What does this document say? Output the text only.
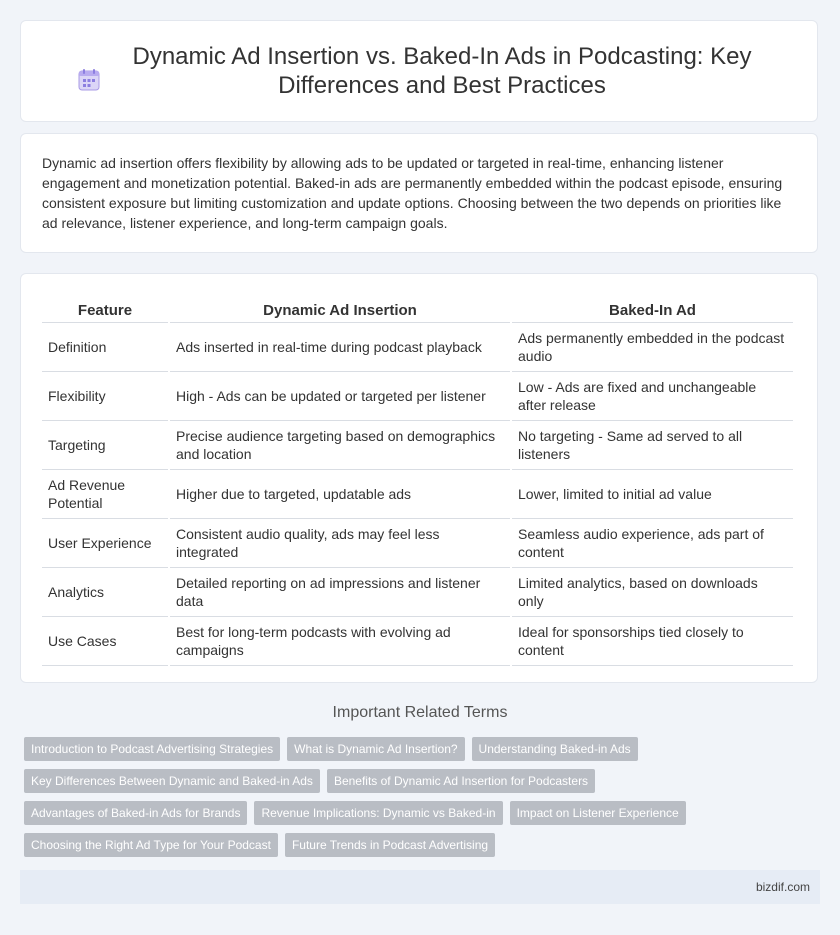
Dynamic Ad Insertion vs. Baked-In Ads in Podcasting: Key Differences and Best Practices

Dynamic ad insertion offers flexibility by allowing ads to be updated or targeted in real-time, enhancing listener engagement and monetization potential. Baked-in ads are permanently embedded within the podcast episode, ensuring consistent exposure but limiting customization and update options. Choosing between the two depends on priorities like ad relevance, listener experience, and long-term campaign goals.

Feature	Dynamic Ad Insertion	Baked-In Ad
Definition	Ads inserted in real-time during podcast playback	Ads permanently embedded in the podcast audio
Flexibility	High - Ads can be updated or targeted per listener	Low - Ads are fixed and unchangeable after release
Targeting	Precise audience targeting based on demographics and location	No targeting - Same ad served to all listeners
Ad Revenue Potential	Higher due to targeted, updatable ads	Lower, limited to initial ad value
User Experience	Consistent audio quality, ads may feel less integrated	Seamless audio experience, ads part of content
Analytics	Detailed reporting on ad impressions and listener data	Limited analytics, based on downloads only
Use Cases	Best for long-term podcasts with evolving ad campaigns	Ideal for sponsorships tied closely to content
Important Related Terms
Introduction to Podcast Advertising Strategies	What is Dynamic Ad Insertion?	Understanding Baked-in Ads
Key Differences Between Dynamic and Baked-in Ads	Benefits of Dynamic Ad Insertion for Podcasters
Advantages of Baked-in Ads for Brands	Revenue Implications: Dynamic vs Baked-in	Impact on Listener Experience
Choosing the Right Ad Type for Your Podcast	Future Trends in Podcast Advertising
bizdif.com
